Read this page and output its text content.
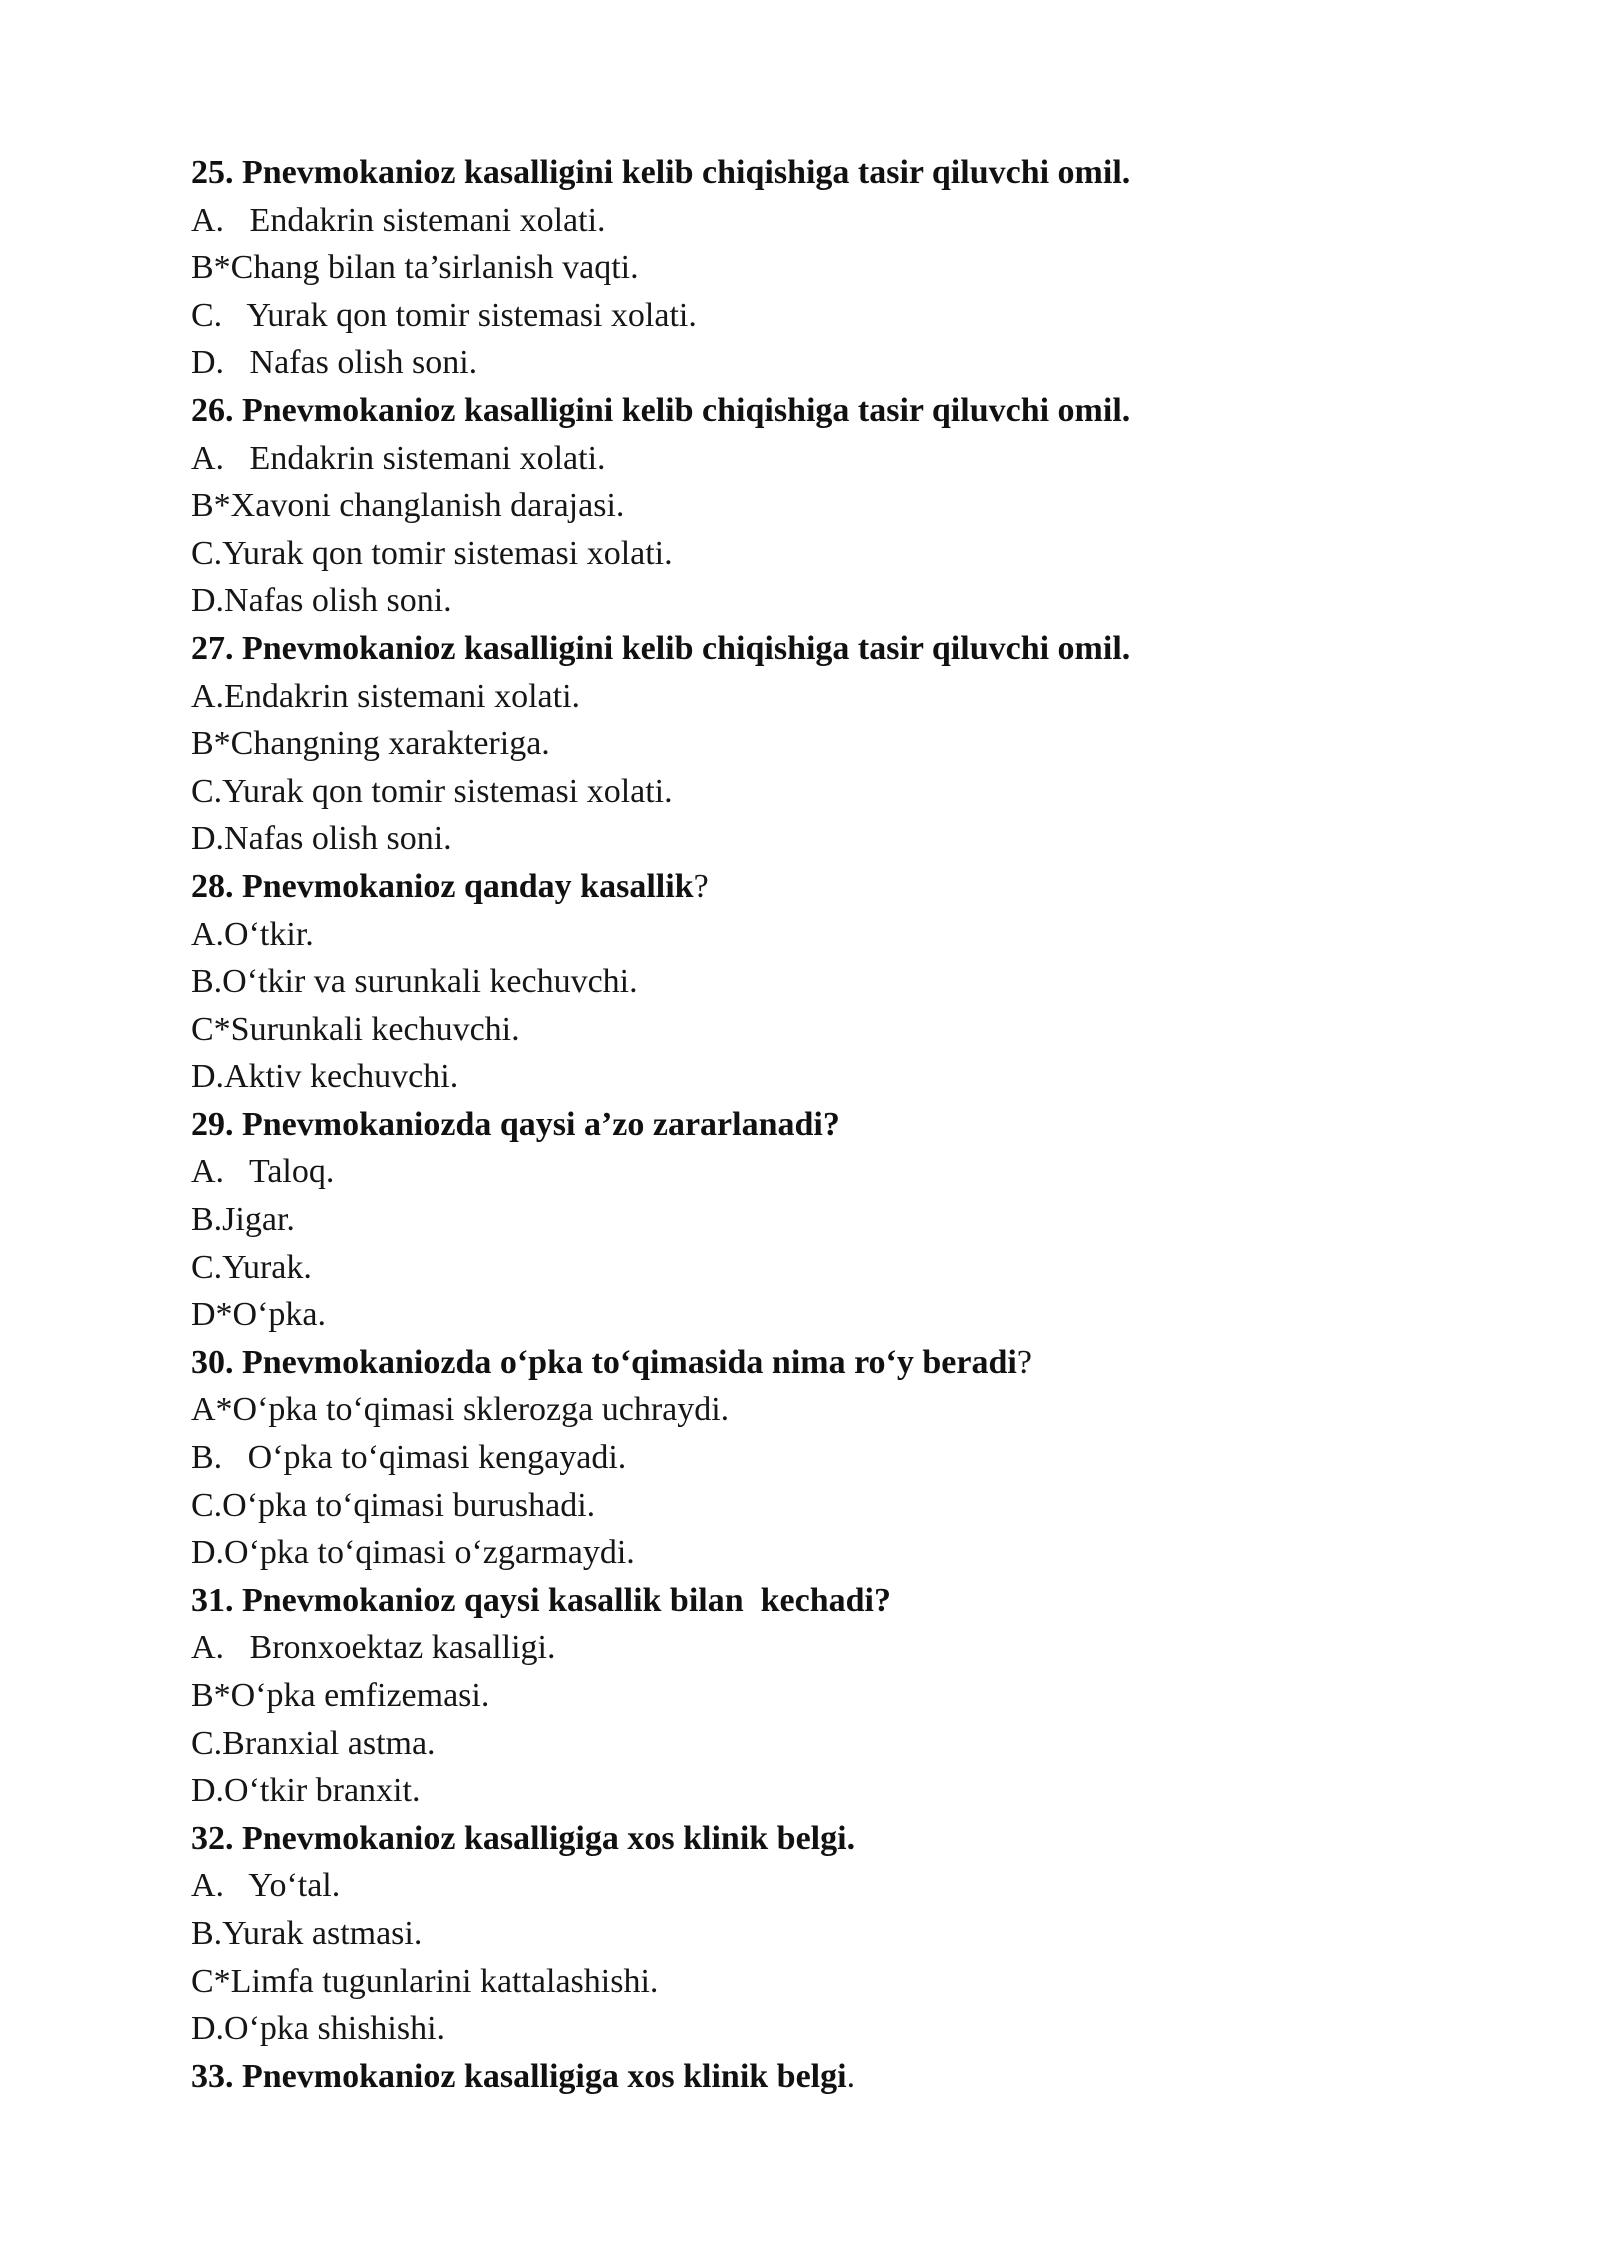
25. Pnevmokanioz kasalligini kelib chiqishiga tasir qiluvchi omil.
A.   Endakrin sistemani xolati.
B*Chang bilan ta’sirlanish vaqti.
C.   Yurak qon tomir sistemasi xolati.
D.   Nafas olish soni.
26. Pnevmokanioz kasalligini kelib chiqishiga tasir qiluvchi omil.
A.   Endakrin sistemani xolati.
B*Xavoni changlanish darajasi.
C.Yurak qon tomir sistemasi xolati.
D.Nafas olish soni.
27. Pnevmokanioz kasalligini kelib chiqishiga tasir qiluvchi omil.
A.Endakrin sistemani xolati.
B*Changning xarakteriga.
C.Yurak qon tomir sistemasi xolati.
D.Nafas olish soni.
28. Pnevmokanioz qanday kasallik?
A.O‘tkir.
B.O‘tkir va surunkali kechuvchi.
C*Surunkali kechuvchi.
D.Aktiv kechuvchi.
29. Pnevmokaniozda qaysi a’zo zararlanadi?
A.   Taloq.
B.Jigar.
C.Yurak.
D*O‘pka.
30. Pnevmokaniozda o‘pka to‘qimasida nima ro‘y beradi?
A*O‘pka to‘qimasi sklerozga uchraydi.
B.   O‘pka to‘qimasi kengayadi.
C.O‘pka to‘qimasi burushadi.
D.O‘pka to‘qimasi o‘zgarmaydi.
31. Pnevmokanioz qaysi kasallik bilan  kechadi?
A.   Bronxoektaz kasalligi.
B*O‘pka emfizemasi.
C.Branxial astma.
D.O‘tkir branxit.
32. Pnevmokanioz kasalligiga xos klinik belgi.
A.   Yo‘tal.
B.Yurak astmasi.
C*Limfa tugunlarini kattalashishi.
D.O‘pka shishishi.
33. Pnevmokanioz kasalligiga xos klinik belgi.
